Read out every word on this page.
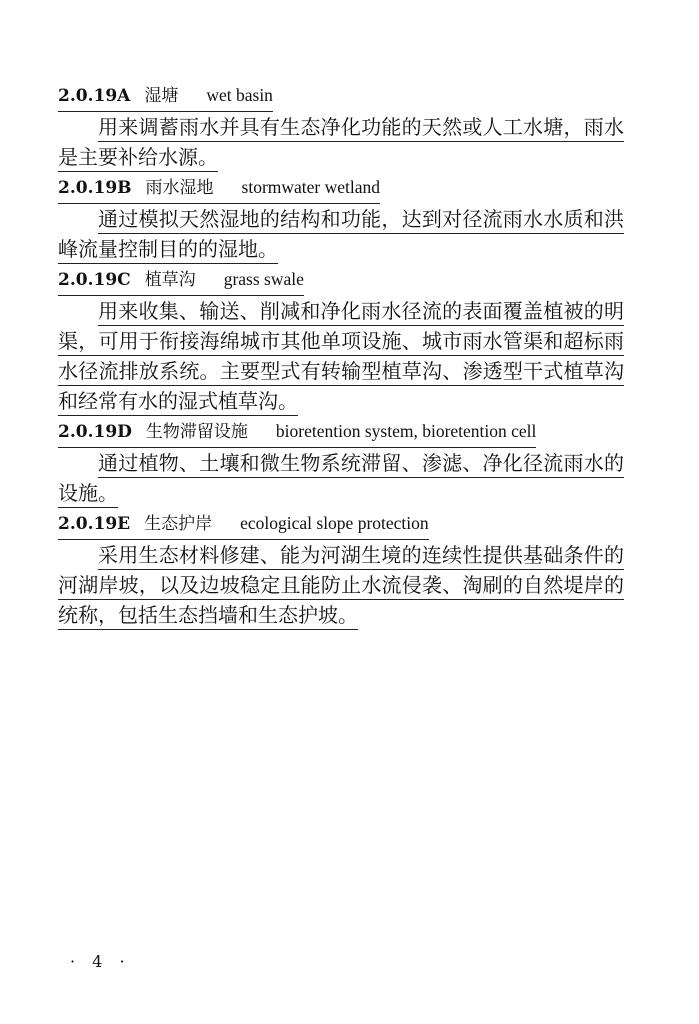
2.0.19A 湿塘 wet basin

用来调蓄雨水并具有生态净化功能的天然或人工水塘，雨水是主要补给水源。

2.0.19B 雨水湿地 stormwater wetland

通过模拟天然湿地的结构和功能，达到对径流雨水水质和洪峰流量控制目的的湿地。

2.0.19C 植草沟 grass swale

用来收集、输送、削减和净化雨水径流的表面覆盖植被的明渠，可用于衔接海绵城市其他单项设施、城市雨水管渠和超标雨水径流排放系统。主要型式有转输型植草沟、渗透型干式植草沟和经常有水的湿式植草沟。

2.0.19D 生物滞留设施 bioretention system, bioretention cell

通过植物、土壤和微生物系统滞留、渗滤、净化径流雨水的设施。

2.0.19E 生态护岸 ecological slope protection

采用生态材料修建、能为河湖生境的连续性提供基础条件的河湖岸坡，以及边坡稳定且能防止水流侵袭、淘刷的自然堤岸的统称，包括生态挡墙和生态护坡。

· 4 ·
